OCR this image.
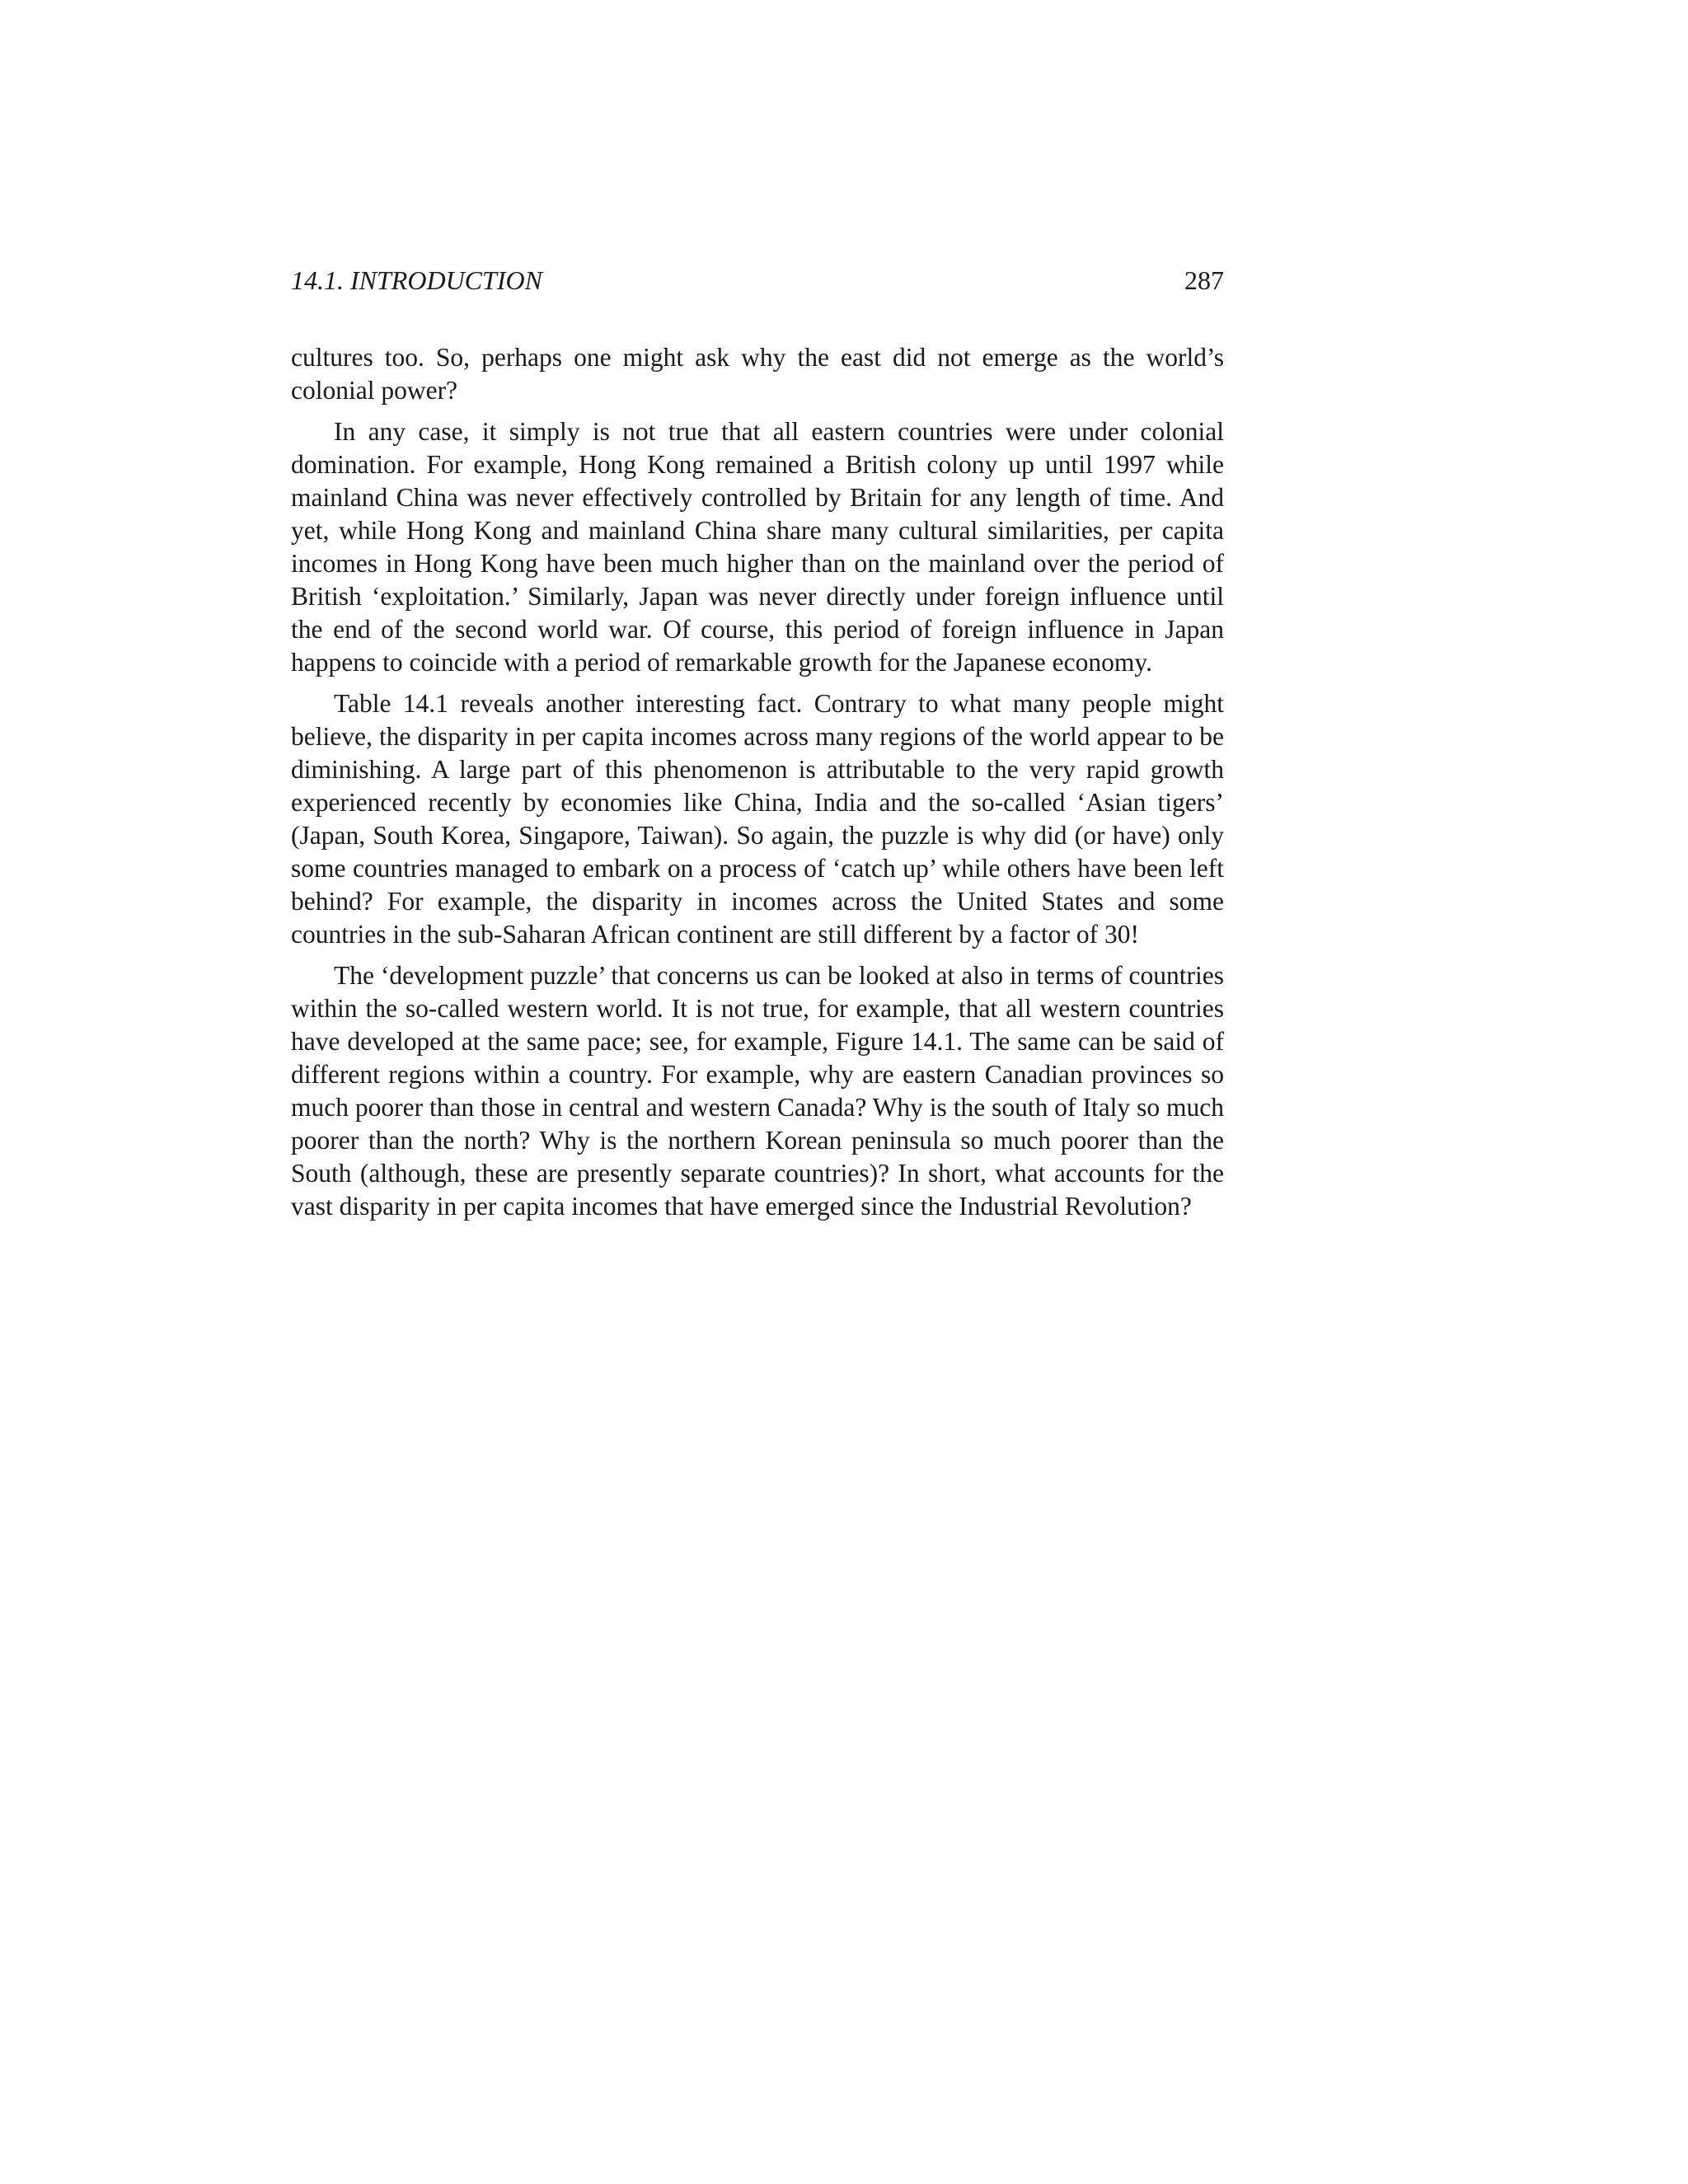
14.1. INTRODUCTION	287

cultures too. So, perhaps one might ask why the east did not emerge as the world’s colonial power?

In any case, it simply is not true that all eastern countries were under colonial domination. For example, Hong Kong remained a British colony up until 1997 while mainland China was never effectively controlled by Britain for any length of time. And yet, while Hong Kong and mainland China share many cultural similarities, per capita incomes in Hong Kong have been much higher than on the mainland over the period of British ‘exploitation.’ Similarly, Japan was never directly under foreign influence until the end of the second world war. Of course, this period of foreign influence in Japan happens to coincide with a period of remarkable growth for the Japanese economy.

Table 14.1 reveals another interesting fact. Contrary to what many people might believe, the disparity in per capita incomes across many regions of the world appear to be diminishing. A large part of this phenomenon is attributable to the very rapid growth experienced recently by economies like China, India and the so-called ‘Asian tigers’ (Japan, South Korea, Singapore, Taiwan). So again, the puzzle is why did (or have) only some countries managed to embark on a process of ‘catch up’ while others have been left behind? For example, the disparity in incomes across the United States and some countries in the sub-Saharan African continent are still different by a factor of 30!

The ‘development puzzle’ that concerns us can be looked at also in terms of countries within the so-called western world. It is not true, for example, that all western countries have developed at the same pace; see, for example, Figure 14.1. The same can be said of different regions within a country. For example, why are eastern Canadian provinces so much poorer than those in central and western Canada? Why is the south of Italy so much poorer than the north? Why is the northern Korean peninsula so much poorer than the South (although, these are presently separate countries)? In short, what accounts for the vast disparity in per capita incomes that have emerged since the Industrial Revolution?
